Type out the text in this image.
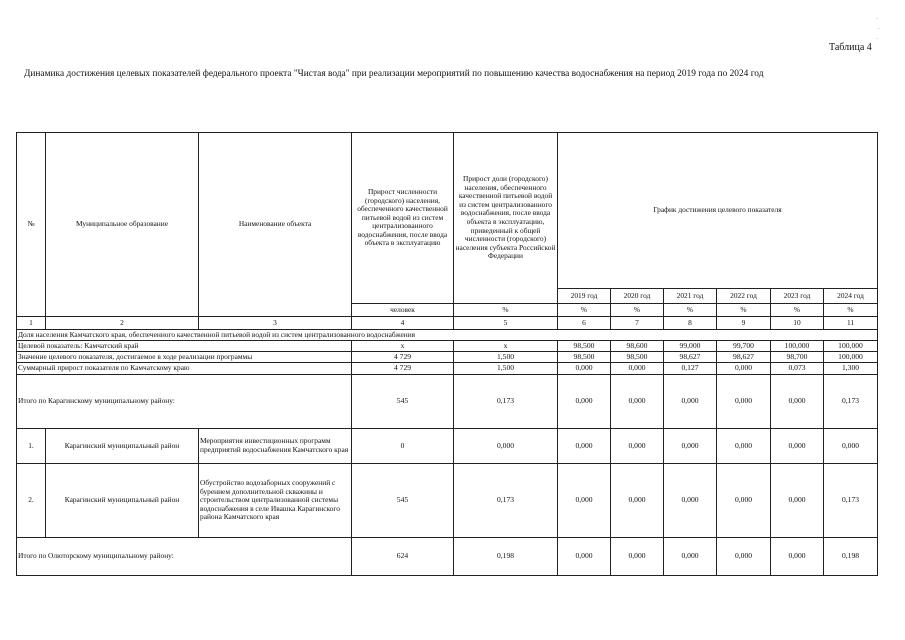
Таблица 4
Динамика достижения целевых показателей федерального проекта "Чистая вода" при реализации мероприятий по повышению качества водоснабжения на период 2019 года по 2024 год
·
·
·
№	Муниципальное образование	Наименование объекта	Прирост численности (городского) населения, обеспеченного качественной питьевой водой из систем централизованного водоснабжения, после ввода объекта в эксплуатацию	Прирост доли (городского) населения, обеспеченного качественной питьевой водой из систем централизованного водоснабжения, после ввода объекта в эксплуатацию, приведенный к общей численности (городского) населения субъекта Российской Федерации	График достижения целевого показателя					
					2019 год	2020 год	2021 год	2022 год	2023 год	2024 год
			человек	%	%	%	%	%	%	%
1	2	3	4	5	6	7	8	9	10	11
Доля населения Камчатского края, обеспеченного качественной питьевой водой из систем централизованного водоснабжения										
Целевой показатель: Камчатский край			x	x	98,500	98,600	99,000	99,700	100,000	100,000
Значение целевого показателя, достигаемое в ходе реализации программы			4 729	1,500	98,500	98,500	98,627	98,627	98,700	100,000
Суммарный прирост показателя по Камчатскому краю			4 729	1,500	0,000	0,000	0,127	0,000	0,073	1,300
Итого по Карагинскому муниципальному району:			545	0,173	0,000	0,000	0,000	0,000	0,000	0,173
1.	Карагинский муниципальный район	Мероприятия инвестиционных программ предприятий водоснабжения Камчатского края	0	0,000	0,000	0,000	0,000	0,000	0,000	0,000
2.	Карагинский муниципальный район	Обустройство водозаборных сооружений с бурением дополнительной скважины и строительством централизованной системы водоснабжения в селе Ивашка Карагинского района Камчатского края	545	0,173	0,000	0,000	0,000	0,000	0,000	0,173
Итого по Олюторскому муниципальному району:			624	0,198	0,000	0,000	0,000	0,000	0,000	0,198
